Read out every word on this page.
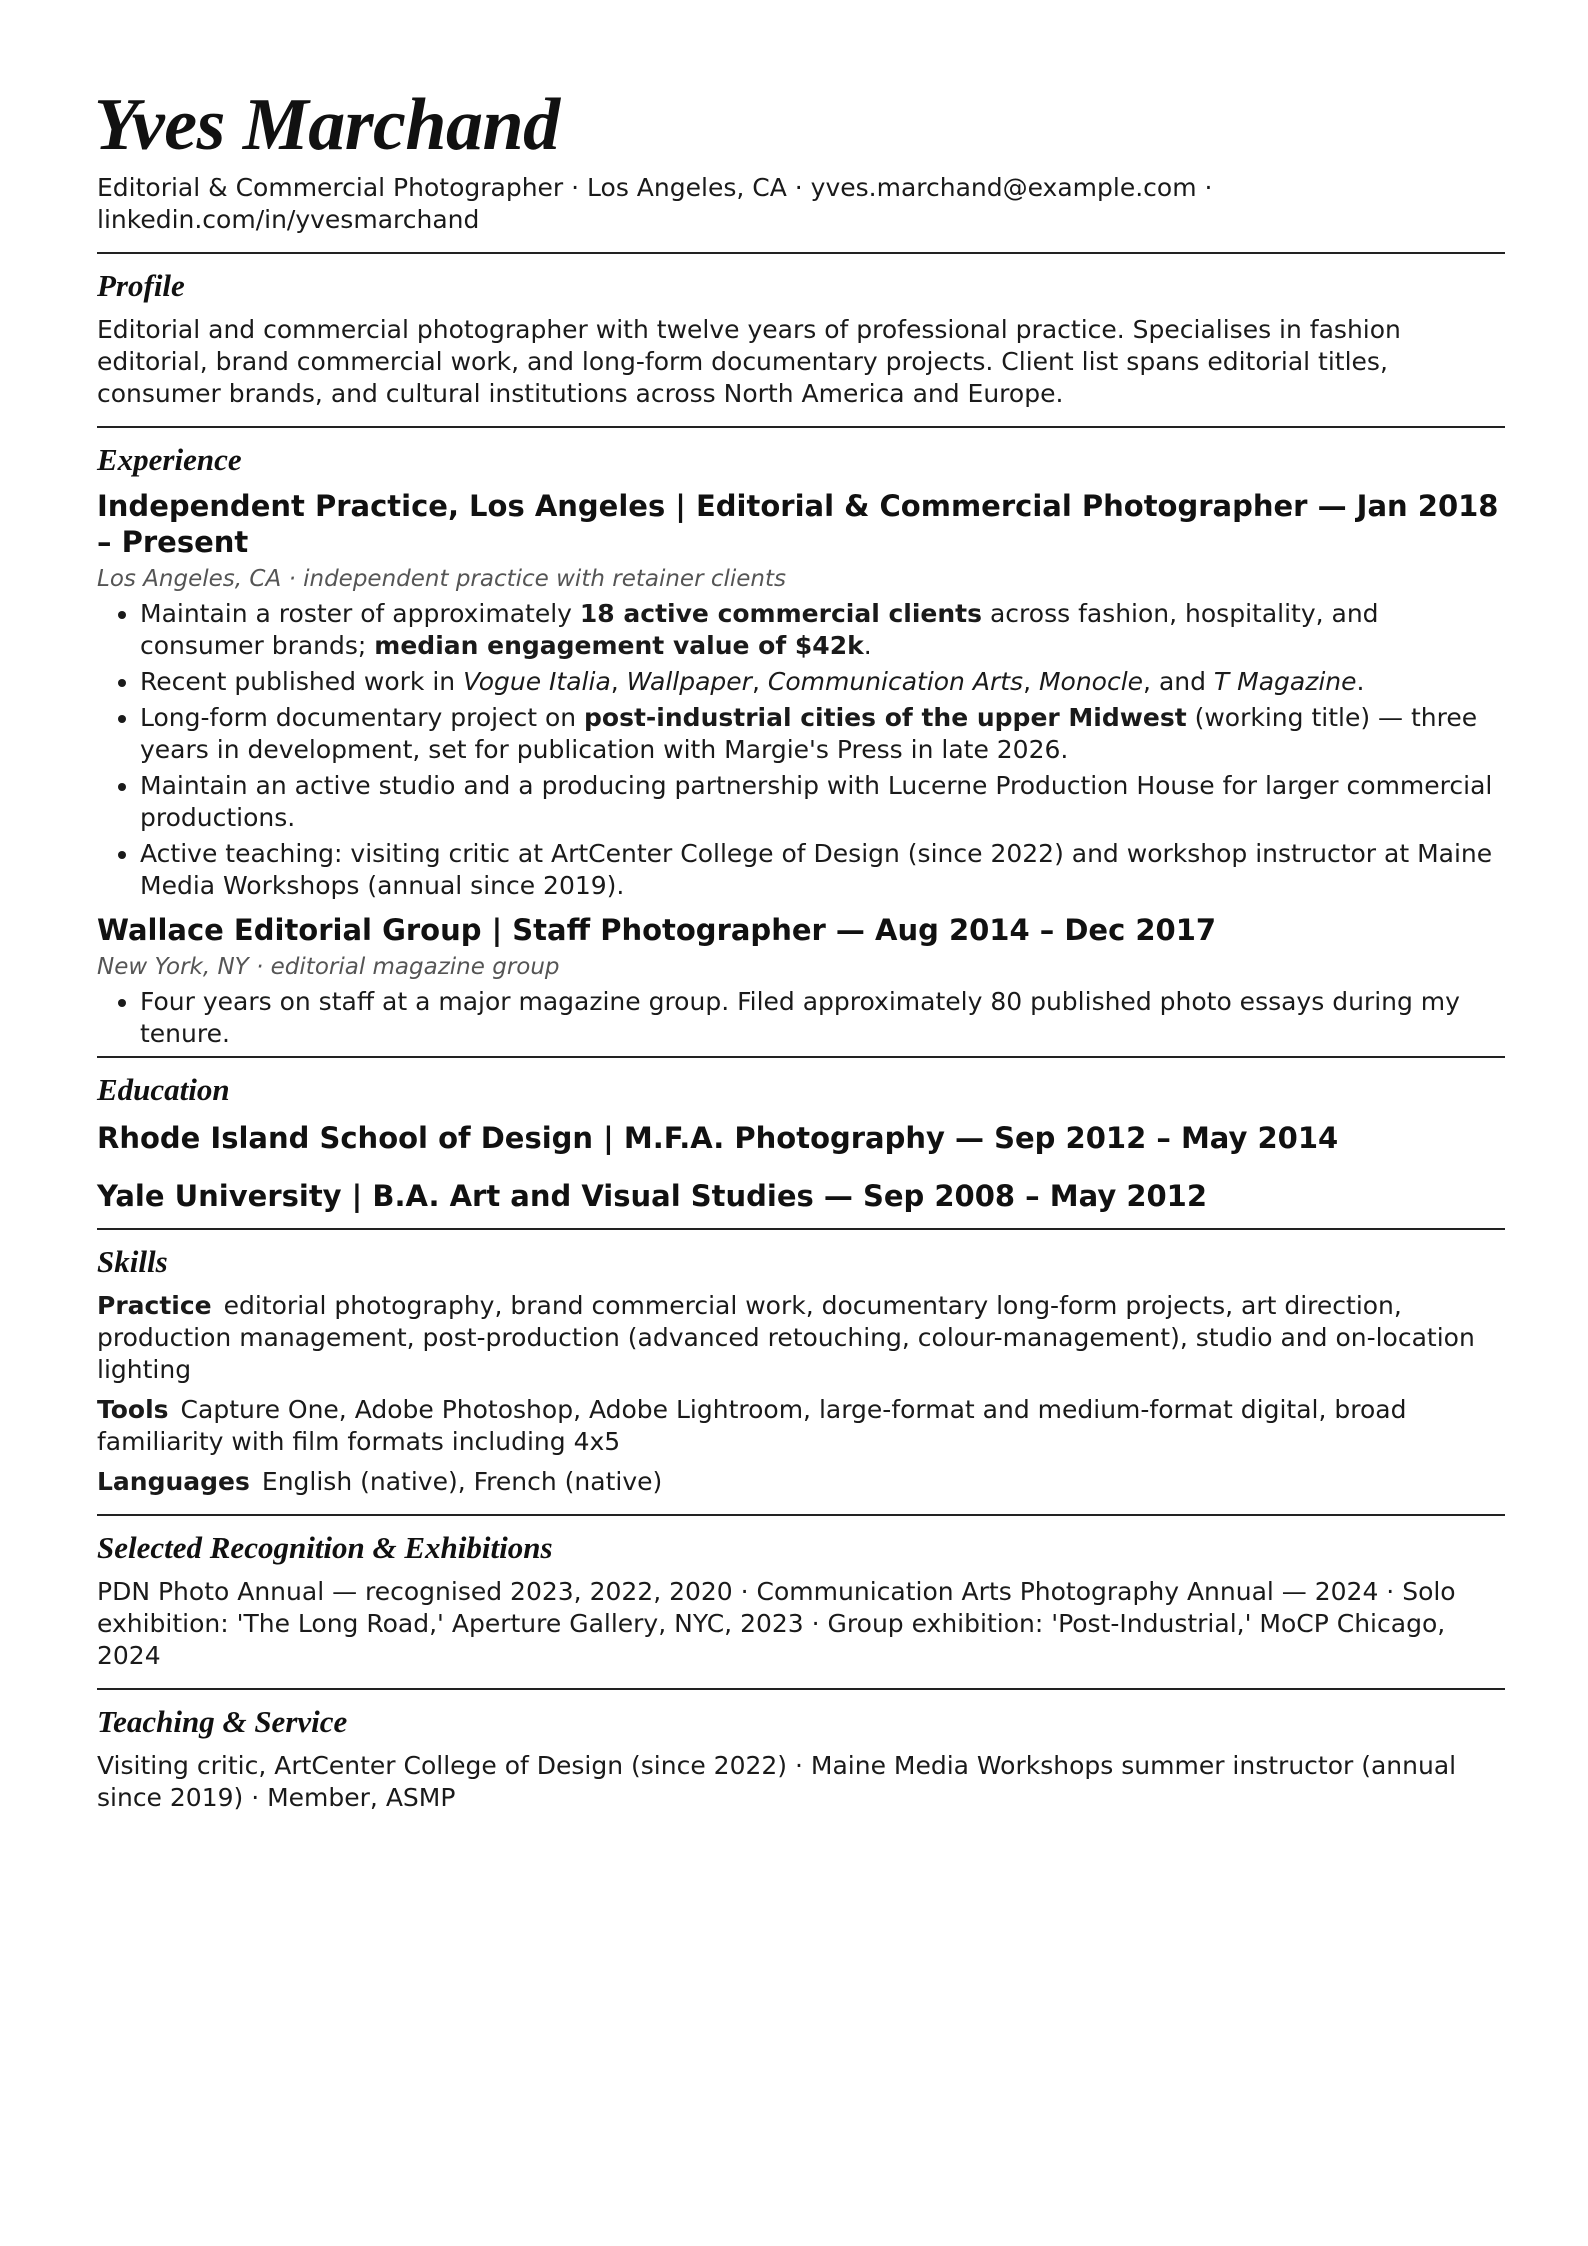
Yves Marchand
Editorial & Commercial Photographer · Los Angeles, CA · yves.marchand@example.com · linkedin.com/in/yvesmarchand
Profile
Editorial and commercial photographer with twelve years of professional practice. Specialises in fashion editorial, brand commercial work, and long-form documentary projects. Client list spans editorial titles, consumer brands, and cultural institutions across North America and Europe.
Experience
Independent Practice, Los Angeles | Editorial & Commercial Photographer — Jan 2018 – Present
Los Angeles, CA · independent practice with retainer clients
• Maintain a roster of approximately 18 active commercial clients across fashion, hospitality, and consumer brands; median engagement value of $42k.
• Recent published work in Vogue Italia, Wallpaper, Communication Arts, Monocle, and T Magazine.
• Long-form documentary project on post-industrial cities of the upper Midwest (working title) — three years in development, set for publication with Margie's Press in late 2026.
• Maintain an active studio and a producing partnership with Lucerne Production House for larger commercial productions.
• Active teaching: visiting critic at ArtCenter College of Design (since 2022) and workshop instructor at Maine Media Workshops (annual since 2019).
Wallace Editorial Group | Staff Photographer — Aug 2014 – Dec 2017
New York, NY · editorial magazine group
• Four years on staff at a major magazine group. Filed approximately 80 published photo essays during my tenure.
Education
Rhode Island School of Design | M.F.A. Photography — Sep 2012 – May 2014
Yale University | B.A. Art and Visual Studies — Sep 2008 – May 2012
Skills
Practice editorial photography, brand commercial work, documentary long-form projects, art direction, production management, post-production (advanced retouching, colour-management), studio and on-location lighting
Tools Capture One, Adobe Photoshop, Adobe Lightroom, large-format and medium-format digital, broad familiarity with film formats including 4x5
Languages English (native), French (native)
Selected Recognition & Exhibitions
PDN Photo Annual — recognised 2023, 2022, 2020 · Communication Arts Photography Annual — 2024 · Solo exhibition: 'The Long Road,' Aperture Gallery, NYC, 2023 · Group exhibition: 'Post-Industrial,' MoCP Chicago, 2024
Teaching & Service
Visiting critic, ArtCenter College of Design (since 2022) · Maine Media Workshops summer instructor (annual since 2019) · Member, ASMP
